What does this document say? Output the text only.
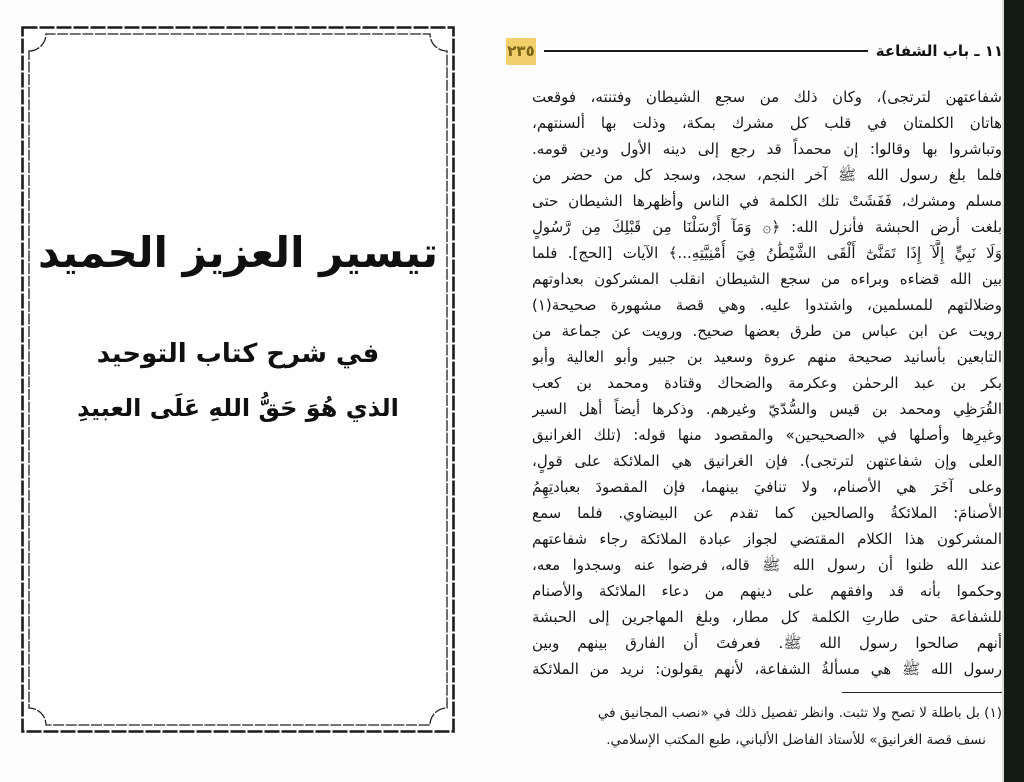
تيسير العزيز الحميد
في شرح كتاب التوحيد
الذي هُوَ حَقُّ اللهِ عَلَى العبيدِ
١١ ـ باب الشفاعة
٢٣٥
شفاعتهن لترتجى)، وكان ذلك من سجع الشيطان وفتنته، فوقعت
هاتان الكلمتان في قلب كل مشرك بمكة، وذلت بها ألسنتهم،
وتباشروا بها وقالوا: إن محمداً قد رجع إلى دينه الأول ودين قومه.
فلما بلغ رسول الله ﷺ آخر النجم، سجد، وسجد كل من حضر من
مسلم ومشرك، فَفَشَتْ تلك الكلمة في الناس وأظهرها الشيطان حتى
بلغت أرض الحبشة فأنزل الله: ﴿۞ وَمَآ أَرْسَلْنَا مِن قَبْلِكَ مِن رَّسُولٍ
وَلَا نَبِيٍّ إِلَّآ إِذَا تَمَنَّىٰٓ أَلْقَى الشَّيْطَٰنُ فِيٓ أُمْنِيَّتِهِ...﴾ الآيات [الحج]. فلما
بين الله قضاءه وبراءه من سجع الشيطان انقلب المشركون بعداوتهم
وضلالتهم للمسلمين، واشتدوا عليه. وهي قصة مشهورة صحيحة(١)
رويت عن ابن عباس من طرق بعضها صحيح. ورويت عن جماعة من
التابعين بأسانيد صحيحة منهم عروة وسعيد بن جبير وأبو العالية وأبو
بكر بن عبد الرحمٰن وعكرمة والضحاك وقتادة ومحمد بن كعب
القُرَظِي ومحمد بن قيس والسُّدّيّ وغيرهم. وذكرها أيضاً أهل السير
وغيرِها وأصلها في «الصحيحين» والمقصود منها قوله: (تلك الغرانيق
العلى وإن شفاعتهن لترتجى). فإن الغرانيق هي الملائكة على قولٍ،
وعلى آخَرَ هي الأصنام، ولا تنافيَ بينهما، فإن المقصودَ بعبادتِهِمُ
الأصنامَ: الملائكةُ والصالحين كما تقدم عن البيضاوي. فلما سمع
المشركون هذا الكلام المقتضي لجواز عبادة الملائكة رجاء شفاعتهم
عند الله ظنوا أن رسول الله ﷺ قاله، فرضوا عنه وسجدوا معه،
وحكموا بأنه قد وافقهم على دينهم من دعاء الملائكة والأصنام
للشفاعة حتى طارتِ الكلمة كل مطار، وبلغ المهاجرين إلى الحبشة
أنهم صالحوا رسول الله ﷺ. فعرفتَ أن الفارق بينهم وبين
رسول الله ﷺ هي مسألةُ الشفاعة، لأنهم يقولون: نريد من الملائكة
(١) بل باطلة لا تصح ولا تثبت. وانظر تفصيل ذلك في «نصب المجانيق في
نسف قصة الغرانيق» للأستاذ الفاضل الألباني، طبع المكتب الإسلامي.
